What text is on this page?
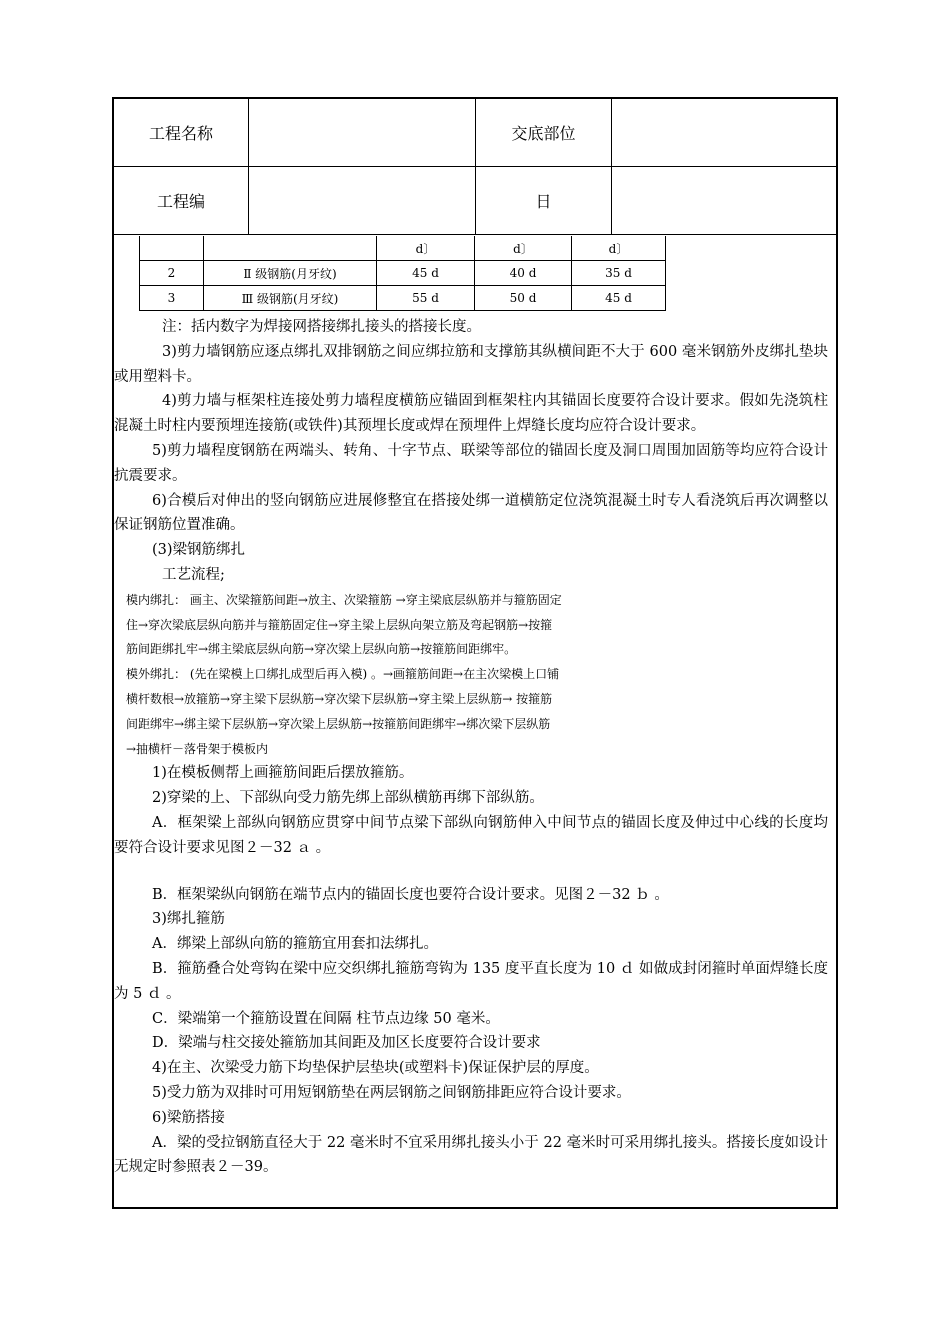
工程名称		交底部位	
工程编		日	
		d〕	d〕	d〕
2	Ⅱ 级钢筋(月牙纹)	45 d	40 d	35 d
3	Ⅲ 级钢筋(月牙纹)	55 d	50 d	45 d

注：括内数字为焊接网搭接绑扎接头的搭接长度。

3)剪力墙钢筋应逐点绑扎双排钢筋之间应绑拉筋和支撑筋其纵横间距不大于 600 毫米钢筋外皮绑扎垫块或用塑料卡。

4)剪力墙与框架柱连接处剪力墙程度横筋应锚固到框架柱内其锚固长度要符合设计要求。假如先浇筑柱混凝土时柱内要预埋连接筋(或铁件)其预埋长度或焊在预埋件上焊缝长度均应符合设计要求。

5)剪力墙程度钢筋在两端头、转角、十字节点、联梁等部位的锚固长度及洞口周围加固筋等均应符合设计抗震要求。

6)合模后对伸出的竖向钢筋应进展修整宜在搭接处绑一道横筋定位浇筑混凝土时专人看浇筑后再次调整以保证钢筋位置准确。

(3)梁钢筋绑扎

工艺流程;

模内绑扎： 画主、次梁箍筋间距→放主、次梁箍筋 →穿主梁底层纵筋并与箍筋固定

住→穿次梁底层纵向筋并与箍筋固定住→穿主梁上层纵向架立筋及弯起钢筋→按箍

筋间距绑扎牢→绑主梁底层纵向筋→穿次梁上层纵向筋→按箍筋间距绑牢。

模外绑扎： (先在梁模上口绑扎成型后再入模) 。→画箍筋间距→在主次梁模上口铺

横杆数根→放箍筋→穿主梁下层纵筋→穿次梁下层纵筋→穿主梁上层纵筋→ 按箍筋

间距绑牢→绑主梁下层纵筋→穿次梁上层纵筋→按箍筋间距绑牢→绑次梁下层纵筋

→抽横杆－落骨架于模板内

1)在模板侧帮上画箍筋间距后摆放箍筋。

2)穿梁的上、下部纵向受力筋先绑上部纵横筋再绑下部纵筋。

A．框架梁上部纵向钢筋应贯穿中间节点梁下部纵向钢筋伸入中间节点的锚固长度及伸过中心线的长度均要符合设计要求见图２－32 ａ 。

B．框架梁纵向钢筋在端节点内的锚固长度也要符合设计要求。见图２－32 ｂ 。

3)绑扎箍筋

A．绑梁上部纵向筋的箍筋宜用套扣法绑扎。

B．箍筋叠合处弯钩在梁中应交织绑扎箍筋弯钩为 135 度平直长度为 10 ｄ 如做成封闭箍时单面焊缝长度为 5 ｄ 。

C．梁端第一个箍筋设置在间隔 柱节点边缘 50 毫米。

D．梁端与柱交接处箍筋加其间距及加区长度要符合设计要求

4)在主、次梁受力筋下均垫保护层垫块(或塑料卡)保证保护层的厚度。

5)受力筋为双排时可用短钢筋垫在两层钢筋之间钢筋排距应符合设计要求。

6)梁筋搭接

A．梁的受拉钢筋直径大于 22 毫米时不宜采用绑扎接头小于 22 毫米时可采用绑扎接头。搭接长度如设计无规定时参照表２－39。
